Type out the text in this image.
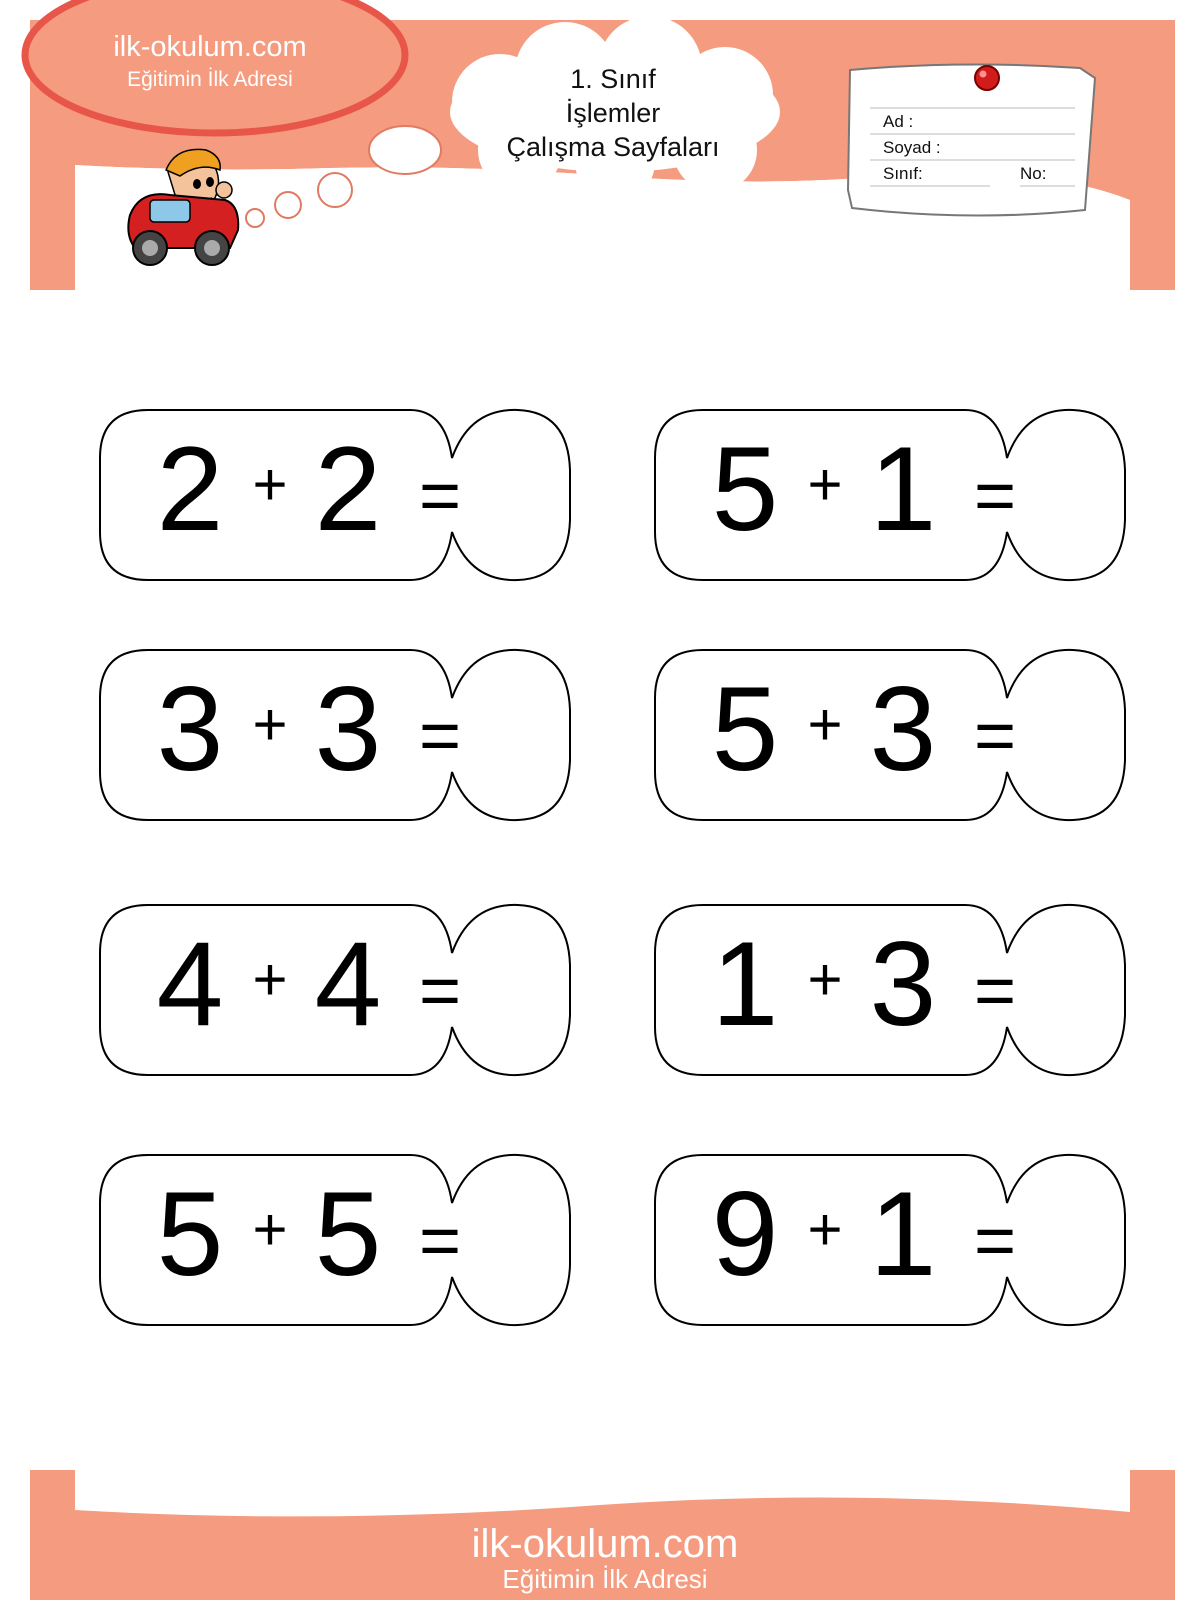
ilk-okulum.com
Eğitimin İlk Adresi	1. Sınıf
İşlemler
Çalışma Sayfaları
Ad :
Soyad :
Sınıf:	No:
2 + 2 = 5 + 1 =
3 + 3 = 5 + 3 =
4 + 4 = 1 + 3 =
5 + 5 = 9 + 1 =
ilk-okulum.com
Eğitimin İlk Adresi
